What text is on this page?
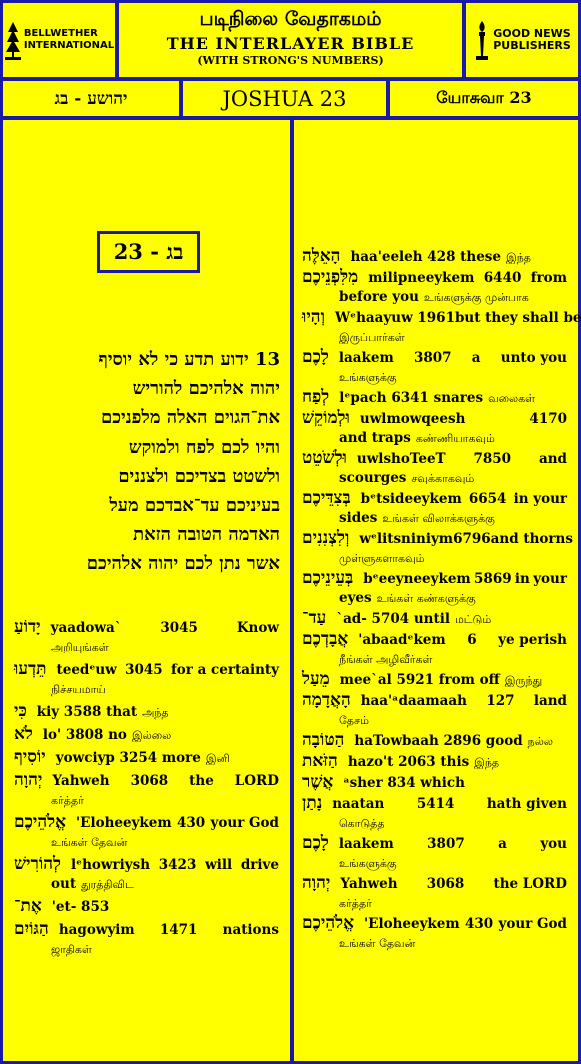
BELLWETHER
INTERNATIONAL
படிநிலை வேதாகமம்
THE INTERLAYER BIBLE
(WITH STRONG'S NUMBERS)
GOOD NEWS
PUBLISHERS
יהושע - בג	JOSHUA 23	யோசுவா 23
בג - 23
13 ידוע תדע כי לא יוסיף
יהוה אלהיכם להוריש
את־הגוים האלה מלפניכם
והיו לכם לפח ולמוקש
ולשטט בצדיכם ולצננים
בעיניכם עד־אבדכם מעל
האדמה הטובה הזאת
אשר נתן לכם יהוה אלהיכם
יָדוֹעַ yaadowa`	3045	Know
அறியுங்கள்
תֵּדְעוּ teedᵉuw 3045 for a certainty
நிச்சயமாய்
כִּי kiy 3588 that அந்த
לֹא lo' 3808 no இல்லை
יוֹסִיף yowciyp 3254 more இனி
יְהוָה Yahweh 3068 the LORD
கர்த்தர்
אֱלֹהֵיכֶם 'Eloheeykem 430 your God
உங்கள் தேவன்
לְהוֹרִישׁ lᵉhowriysh 3423 will drive
out துரத்திவிட
אֶת־ 'et- 853
הַגּוֹיִם hagowyim 1471 nations
ஜாதிகள்
הָאֵלֶּה haa'eeleh 428 these இந்த
מִלִּפְנֵיכֶם milipneeykem 6440 from
before you உங்களுக்கு முன்பாக
וְהָיוּ Wᵉhaayuw 1961 but they shall be
இருப்பார்கள்
לָכֶם laakem 3807 a unto you
உங்களுக்கு
לְפַח lᵉpach 6341 snares வலைகள்
וּלְמוֹקֵשׁ uwlmowqeesh	4170
and traps கண்ணியாகவும்
וּלְשֹׁטֵט uwlshoTeeT 7850 and
scourges சவுக்காகவும்
בְּצִדֵּיכֶם bᵉtsideeykem 6654 in your
sides உங்கள் விலாக்களுக்கு
וְלִצְנִנִים wᵉlitsniniym 6796 and thorns
முள்ளுகளாகவும்
בְּעֵינֵיכֶם bᵉeeyneeykem 5869 in your
eyes உங்கள் கண்களுக்கு
עַד־ `ad- 5704 until மட்டும்
אֲבָדְכֶם 'abaadᵉkem 6 ye perish
நீங்கள் அழிவீர்கள்
מֵעַל mee`al 5921 from off இருந்து
הָאֲדָמָה haa'ᵃdaamaah 127 land
தேசம்
הַטּוֹבָה haTowbaah 2896 good நல்ல
הַזֹּאת hazo't 2063 this இந்த
אֲשֶׁר ᵃsher 834 which
נָתַן naatan 5414 hath given
கொடுத்த
לָכֶם laakem 3807 a you
உங்களுக்கு
יְהוָה Yahweh 3068 the LORD
கர்த்தர்
אֱלֹהֵיכֶם 'Eloheeykem 430 your God
உங்கள் தேவன்
